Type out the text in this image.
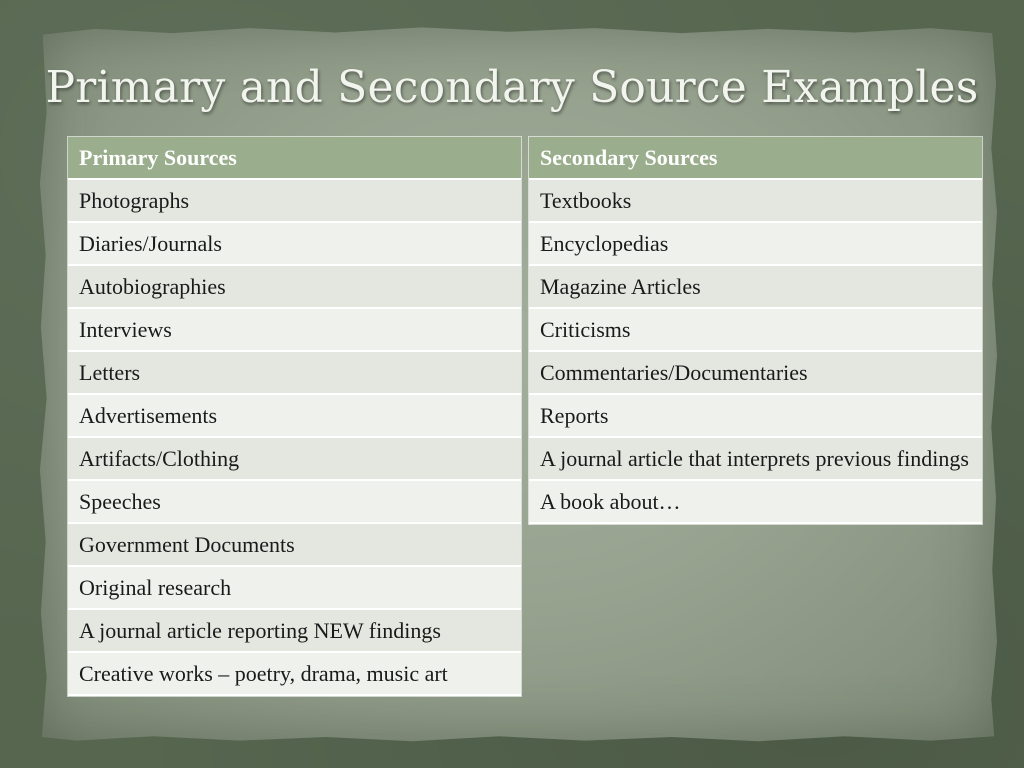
Primary and Secondary Source Examples
Primary Sources
Photographs
Diaries/Journals
Autobiographies
Interviews
Letters
Advertisements
Artifacts/Clothing
Speeches
Government Documents
Original research
A journal article reporting NEW findings
Creative works – poetry, drama, music art
Secondary Sources
Textbooks
Encyclopedias
Magazine Articles
Criticisms
Commentaries/Documentaries
Reports
A journal article that interprets previous findings
A book about…
